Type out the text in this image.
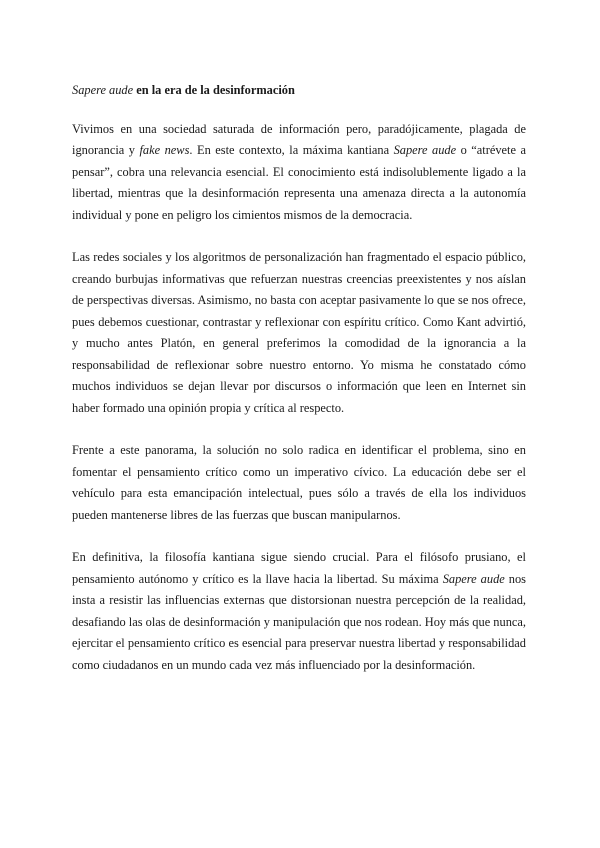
Sapere aude en la era de la desinformación

Vivimos en una sociedad saturada de información pero, paradójicamente, plagada de ignorancia y fake news. En este contexto, la máxima kantiana Sapere aude o “atrévete a pensar”, cobra una relevancia esencial. El conocimiento está indisolublemente ligado a la libertad, mientras que la desinformación representa una amenaza directa a la autonomía individual y pone en peligro los cimientos mismos de la democracia.

Las redes sociales y los algoritmos de personalización han fragmentado el espacio público, creando burbujas informativas que refuerzan nuestras creencias preexistentes y nos aíslan de perspectivas diversas. Asimismo, no basta con aceptar pasivamente lo que se nos ofrece, pues debemos cuestionar, contrastar y reflexionar con espíritu crítico. Como Kant advirtió, y mucho antes Platón, en general preferimos la comodidad de la ignorancia a la responsabilidad de reflexionar sobre nuestro entorno. Yo misma he constatado cómo muchos individuos se dejan llevar por discursos o información que leen en Internet sin haber formado una opinión propia y crítica al respecto.

Frente a este panorama, la solución no solo radica en identificar el problema, sino en fomentar el pensamiento crítico como un imperativo cívico. La educación debe ser el vehículo para esta emancipación intelectual, pues sólo a través de ella los individuos pueden mantenerse libres de las fuerzas que buscan manipularnos.

En definitiva, la filosofía kantiana sigue siendo crucial. Para el filósofo prusiano, el pensamiento autónomo y crítico es la llave hacia la libertad. Su máxima Sapere aude nos insta a resistir las influencias externas que distorsionan nuestra percepción de la realidad, desafiando las olas de desinformación y manipulación que nos rodean. Hoy más que nunca, ejercitar el pensamiento crítico es esencial para preservar nuestra libertad y responsabilidad como ciudadanos en un mundo cada vez más influenciado por la desinformación.
